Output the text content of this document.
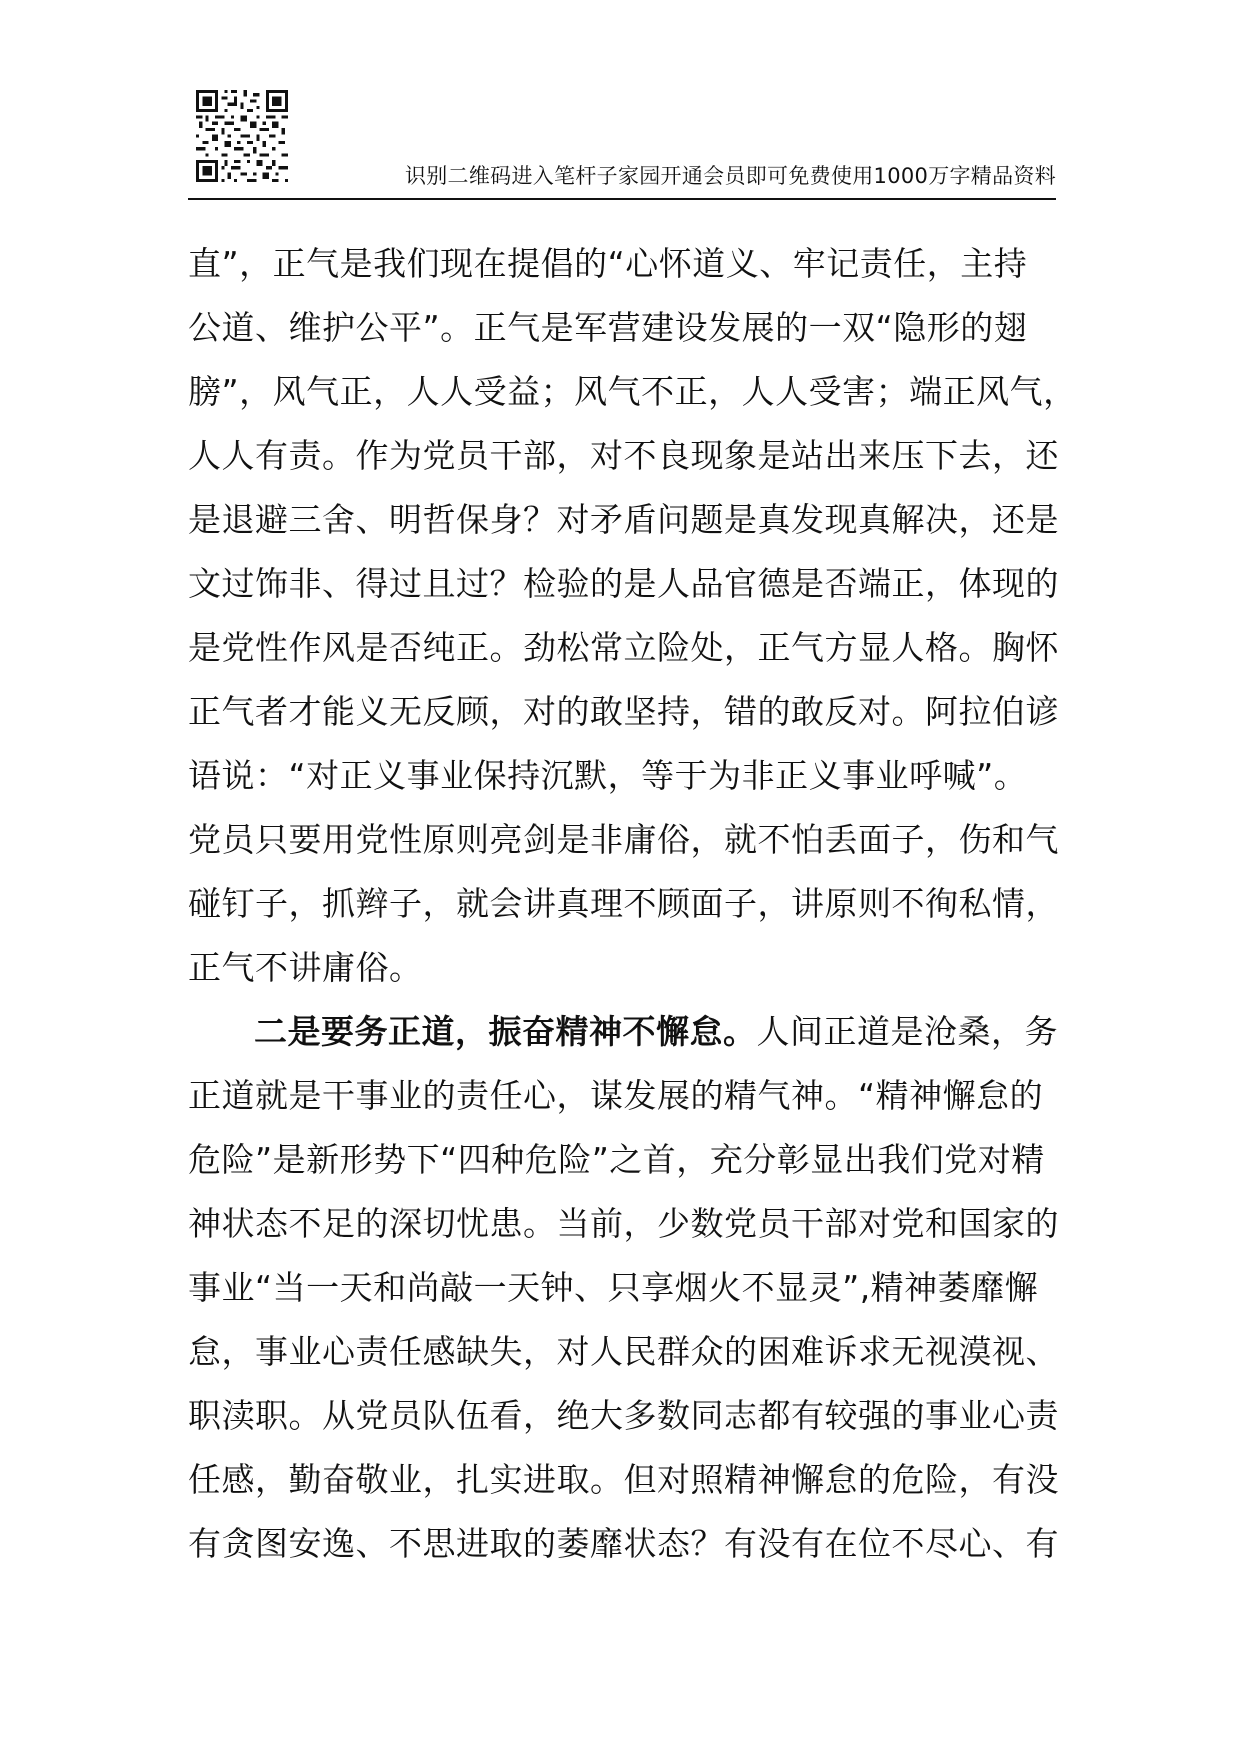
识别二维码进入笔杆子家园开通会员即可免费使用1000万字精品资料
直”，正气是我们现在提倡的“心怀道义、牢记责任，主持
公道、维护公平”。正气是军营建设发展的一双“隐形的翅
膀”，风气正，人人受益；风气不正，人人受害；端正风气，
人人有责。作为党员干部，对不良现象是站出来压下去，还
是退避三舍、明哲保身？对矛盾问题是真发现真解决，还是
文过饰非、得过且过？检验的是人品官德是否端正，体现的
是党性作风是否纯正。劲松常立险处，正气方显人格。胸怀
正气者才能义无反顾，对的敢坚持，错的敢反对。阿拉伯谚
语说：“对正义事业保持沉默，等于为非正义事业呼喊”。
党员只要用党性原则亮剑是非庸俗，就不怕丢面子，伤和气
碰钉子，抓辫子，就会讲真理不顾面子，讲原则不徇私情，
正气不讲庸俗。
二是要务正道，振奋精神不懈怠。人间正道是沧桑，务
正道就是干事业的责任心，谋发展的精气神。“精神懈怠的
危险”是新形势下“四种危险”之首，充分彰显出我们党对精
神状态不足的深切忧患。当前，少数党员干部对党和国家的
事业“当一天和尚敲一天钟、只享烟火不显灵”,精神萎靡懈
怠，事业心责任感缺失，对人民群众的困难诉求无视漠视、
职渎职。从党员队伍看，绝大多数同志都有较强的事业心责
任感，勤奋敬业，扎实进取。但对照精神懈怠的危险，有没
有贪图安逸、不思进取的萎靡状态？有没有在位不尽心、有
